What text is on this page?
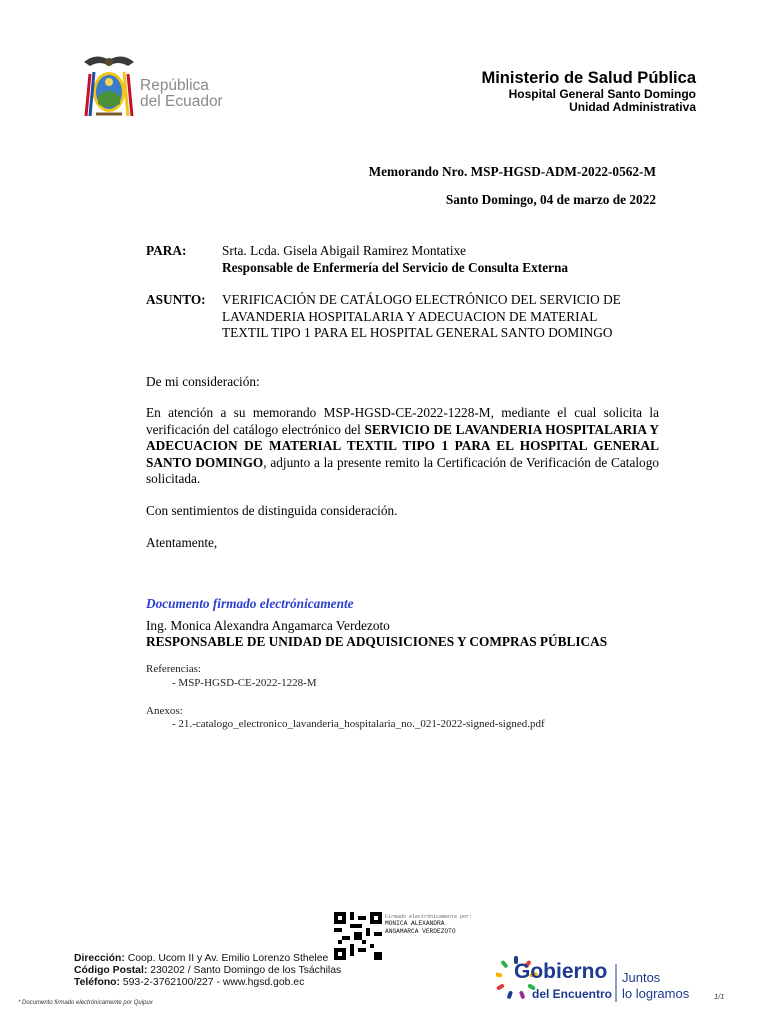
República
del Ecuador
Ministerio de Salud Pública
Hospital General Santo Domingo
Unidad Administrativa
Memorando Nro. MSP-HGSD-ADM-2022-0562-M
Santo Domingo, 04 de marzo de 2022
PARA:	Srta. Lcda. Gisela Abigail Ramirez Montatixe
Responsable de Enfermería del Servicio de Consulta Externa
ASUNTO: VERIFICACIÓN DE CATÁLOGO ELECTRÓNICO DEL SERVICIO DE
LAVANDERIA HOSPITALARIA Y ADECUACION DE MATERIAL
TEXTIL TIPO 1 PARA EL HOSPITAL GENERAL SANTO DOMINGO
De mi consideración:
En atención a su memorando MSP-HGSD-CE-2022-1228-M, mediante el cual solicita la verificación del catálogo electrónico del SERVICIO DE LAVANDERIA HOSPITALARIA Y ADECUACION DE MATERIAL TEXTIL TIPO 1 PARA EL HOSPITAL GENERAL SANTO DOMINGO, adjunto a la presente remito la Certificación de Verificación de Catalogo solicitada.
Con sentimientos de distinguida consideración.
Atentamente,
Documento firmado electrónicamente
Ing. Monica Alexandra Angamarca Verdezoto
RESPONSABLE DE UNIDAD DE ADQUISICIONES Y COMPRAS PÚBLICAS
Referencias:
- MSP-HGSD-CE-2022-1228-M
Anexos:
- 21.-catalogo_electronico_lavanderia_hospitalaria_no._021-2022-signed-signed.pdf
Firmado electrónicamente por:
MONICA ALEXANDRA
ANGAMARCA VERDEZOTO
Dirección: Coop. Ucom II y Av. Emilio Lorenzo Sthelee
Código Postal: 230202 / Santo Domingo de los Tsáchilas
Teléfono: 593-2-3762100/227 - www.hgsd.gob.ec
* Documento firmado electrónicamente por Quipux
Gobierno
del Encuentro
Juntos
lo logramos	1/1
